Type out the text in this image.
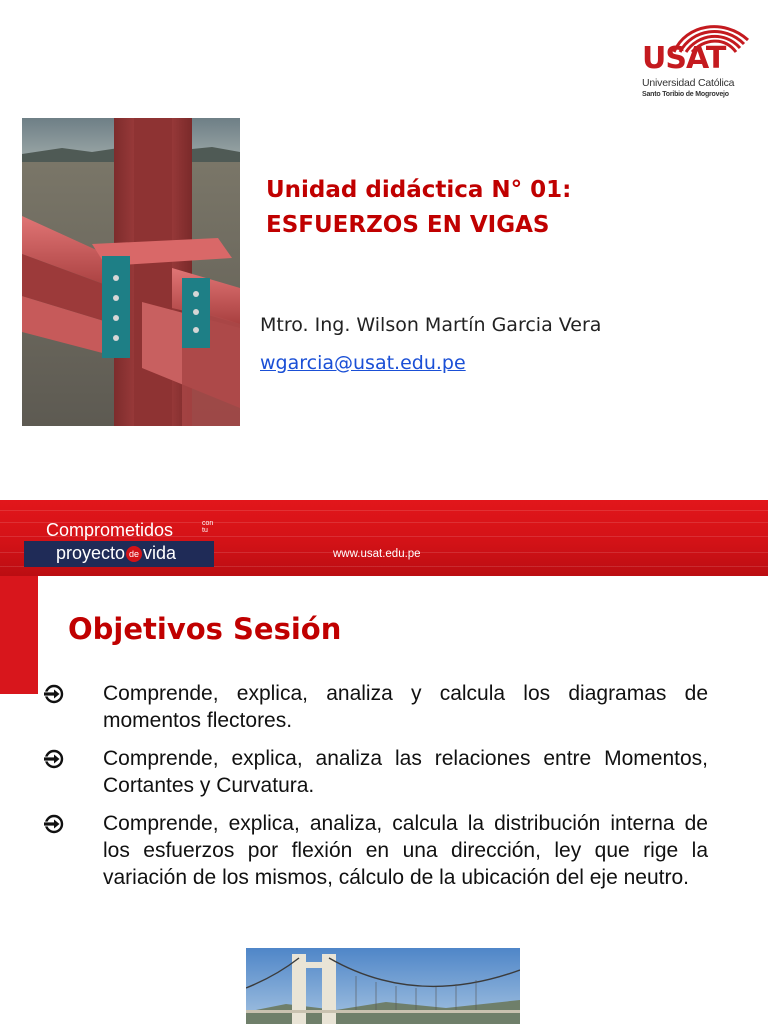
USAT
Universidad Católica
Santo Toribio de Mogrovejo
Unidad didáctica N° 01:
ESFUERZOS EN VIGAS
Mtro. Ing. Wilson Martín Garcia Vera
wgarcia@usat.edu.pe
Comprometidos	con
tu
proyecto de vida	www.usat.edu.pe
Objetivos Sesión
Comprende, explica, analiza y calcula los diagramas de momentos flectores.
Comprende, explica, analiza las relaciones entre Momentos, Cortantes y Curvatura.
Comprende, explica, analiza, calcula la distribución interna de los esfuerzos por flexión en una dirección, ley que rige la variación de los mismos, cálculo de la ubicación del eje neutro.
